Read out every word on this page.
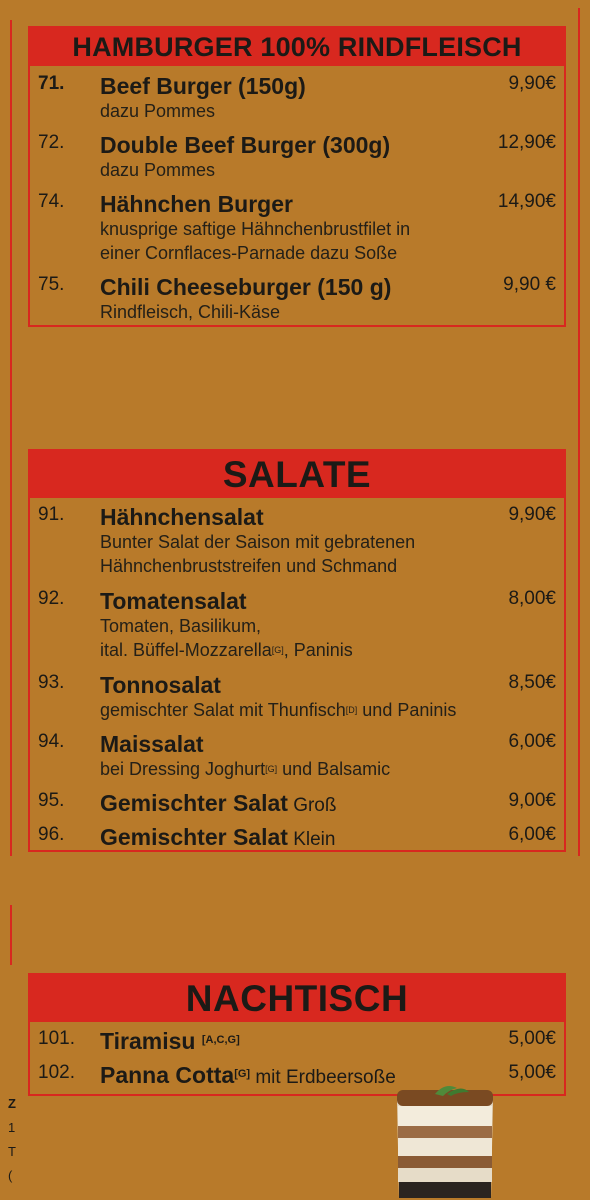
HAMBURGER 100% RINDFLEISCH
71. Beef Burger (150g)
dazu Pommes
9,90€
72. Double Beef Burger (300g)
dazu Pommes
12,90€
74. Hähnchen Burger
knusprige saftige Hähnchenbrustfilet in
einer Cornflaces-Parnade dazu Soße
14,90€
75. Chili Cheeseburger (150 g)
Rindfleisch, Chili-Käse
9,90 €
SALATE
91. Hähnchensalat
Bunter Salat der Saison mit gebratenen
Hähnchenbruststreifen und Schmand
9,90€
92. Tomatensalat
Tomaten, Basilikum,
ital. Büffel-Mozzarella[G], Paninis
8,00€
93. Tonnosalat
gemischter Salat mit Thunfisch[D] und Paninis
8,50€
94. Maissalat
bei Dressing Joghurt[G] und Balsamic
6,00€
95. Gemischter Salat Groß	9,00€
96. Gemischter Salat Klein	6,00€
NACHTISCH
101. Tiramisu [A,C,G]	5,00€
102. Panna Cotta[G] mit Erdbeersoße	5,00€
Z
1
T
(
